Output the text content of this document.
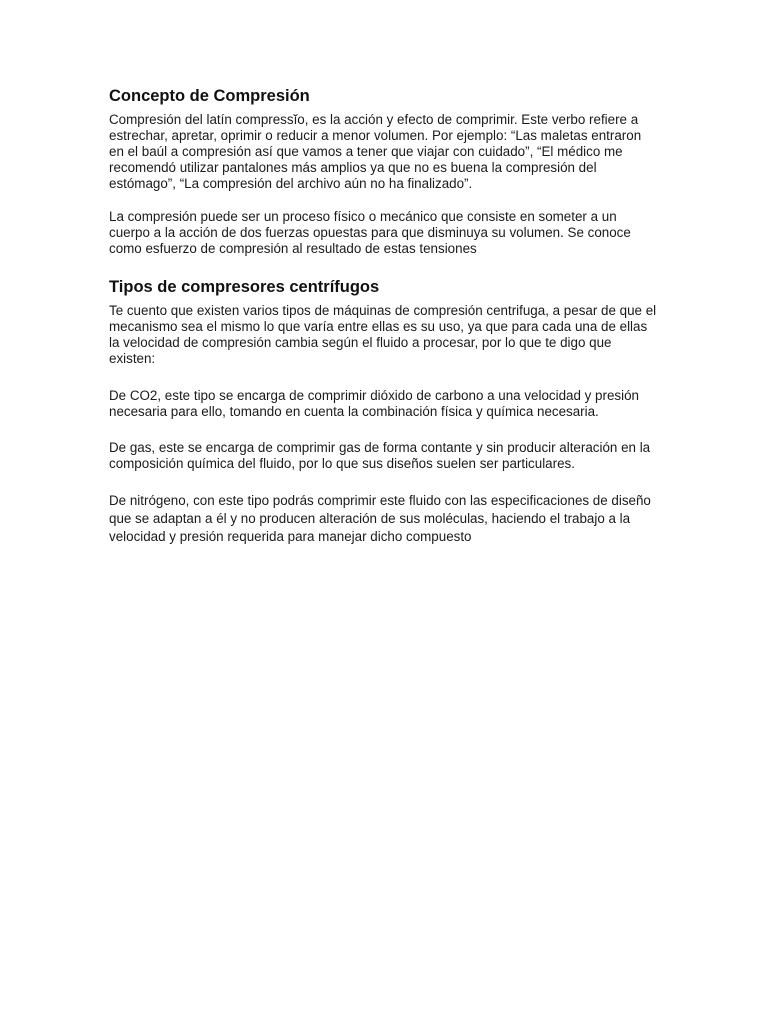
Concepto de Compresión

Compresión del latín compressĭo, es la acción y efecto de comprimir. Este verbo refiere a estrechar, apretar, oprimir o reducir a menor volumen. Por ejemplo: “Las maletas entraron en el baúl a compresión así que vamos a tener que viajar con cuidado”, “El médico me recomendó utilizar pantalones más amplios ya que no es buena la compresión del estómago”, “La compresión del archivo aún no ha finalizado”.

La compresión puede ser un proceso físico o mecánico que consiste en someter a un cuerpo a la acción de dos fuerzas opuestas para que disminuya su volumen. Se conoce como esfuerzo de compresión al resultado de estas tensiones

Tipos de compresores centrífugos

Te cuento que existen varios tipos de máquinas de compresión centrifuga, a pesar de que el mecanismo sea el mismo lo que varía entre ellas es su uso, ya que para cada una de ellas la velocidad de compresión cambia según el fluido a procesar, por lo que te digo que existen:

De CO2, este tipo se encarga de comprimir dióxido de carbono a una velocidad y presión necesaria para ello, tomando en cuenta la combinación física y química necesaria.

De gas, este se encarga de comprimir gas de forma contante y sin producir alteración en la composición química del fluido, por lo que sus diseños suelen ser particulares.

De nitrógeno, con este tipo podrás comprimir este fluido con las especificaciones de diseño que se adaptan a él y no producen alteración de sus moléculas, haciendo el trabajo a la velocidad y presión requerida para manejar dicho compuesto
